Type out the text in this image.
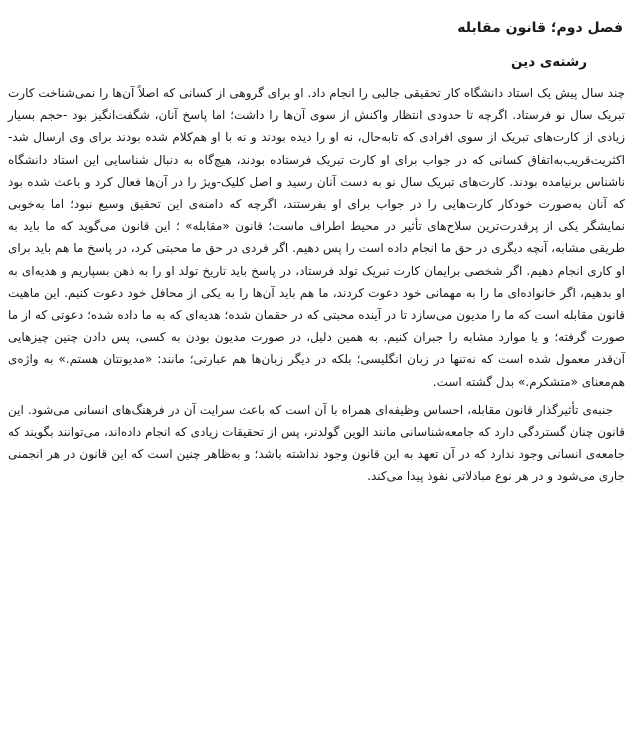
فصل دوم؛ قانون مقابله
رشته‌ی دین

چند سال پیش یک استاد دانشگاه کار تحقیقی جالبی را انجام داد. او برای گروهی از کسانی که اصلاً آن‌ها را نمی‌شناخت کارت تبریک سال نو فرستاد. اگرچه تا حدودی انتظار واکنش از سوی آن‌ها را داشت؛ اما پاسخ آنان، شگفت‌انگیز بود -حجم بسیار زیادی از کارت‌های تبریک از سوی افرادی که تابه‌حال، نه او را دیده بودند و نه با او هم‌کلام شده بودند برای وی ارسال شد- اکثریت‌قریب‌به‌اتفاق کسانی که در جواب برای او کارت تبریک فرستاده بودند، هیچ‌گاه به دنبال شناسایی این استاد دانشگاه ناشناس برنیامده بودند. کارت‌های تبریک سال نو به دست آنان رسید و اصل کلیک-ویژ را در آن‌ها فعال کرد و باعث شده بود که آنان به‌صورت خودکار کارت‌هایی را در جواب برای او بفرستند، اگرچه که دامنه‌ی این تحقیق وسیع نبود؛ اما به‌خوبی نمایشگر یکی از پرقدرت‌ترین سلاح‌های تأثیر در محیط اطراف ماست؛ قانون «مقابله» ؛ این قانون می‌گوید که ما باید به طریقی مشابه، آنچه دیگری در حق ما انجام داده است را پس دهیم. اگر فردی در حق ما محبتی کرد، در پاسخ ما هم باید برای او کاری انجام دهیم. اگر شخصی برایمان کارت تبریک تولد فرستاد، در پاسخ باید تاریخ تولد او را به ذهن بسپاریم و هدیه‌ای به او بدهیم، اگر خانواده‌ای ما را به مهمانی خود دعوت کردند، ما هم باید آن‌ها را به یکی از محافل خود دعوت کنیم. این ماهیت قانون مقابله است که ما را مدیون می‌سازد تا در آینده محبتی که در حقمان شده؛ هدیه‌ای که به ما داده شده؛ دعوتی که از ما صورت گرفته؛ و یا موارد مشابه را جبران کنیم. به همین دلیل، در صورت مدیون بودن به کسی، پس دادن چنین چیزهایی آن‌قدر معمول شده است که نه‌تنها در زبان انگلیسی؛ بلکه در دیگر زبان‌ها هم عبارتی؛ مانند: «مدیونتان هستم.» به واژه‌ی هم‌معنای «متشکرم.» بدل گشته است.

جنبه‌ی تأثیرگذار قانون مقابله، احساس وظیفه‌ای همراه با آن است که باعث سرایت آن در فرهنگ‌های انسانی می‌شود. این قانون چنان گستردگی دارد که جامعه‌شناسانی مانند الوین گولدنر، پس از تحقیقات زیادی که انجام داده‌اند، می‌توانند بگویند که جامعه‌ی انسانی وجود ندارد که در آن تعهد به این قانون وجود نداشته باشد؛ و به‌ظاهر چنین است که این قانون در هر انجمنی جاری می‌شود و در هر نوع مبادلاتی نفوذ پیدا می‌کند.
